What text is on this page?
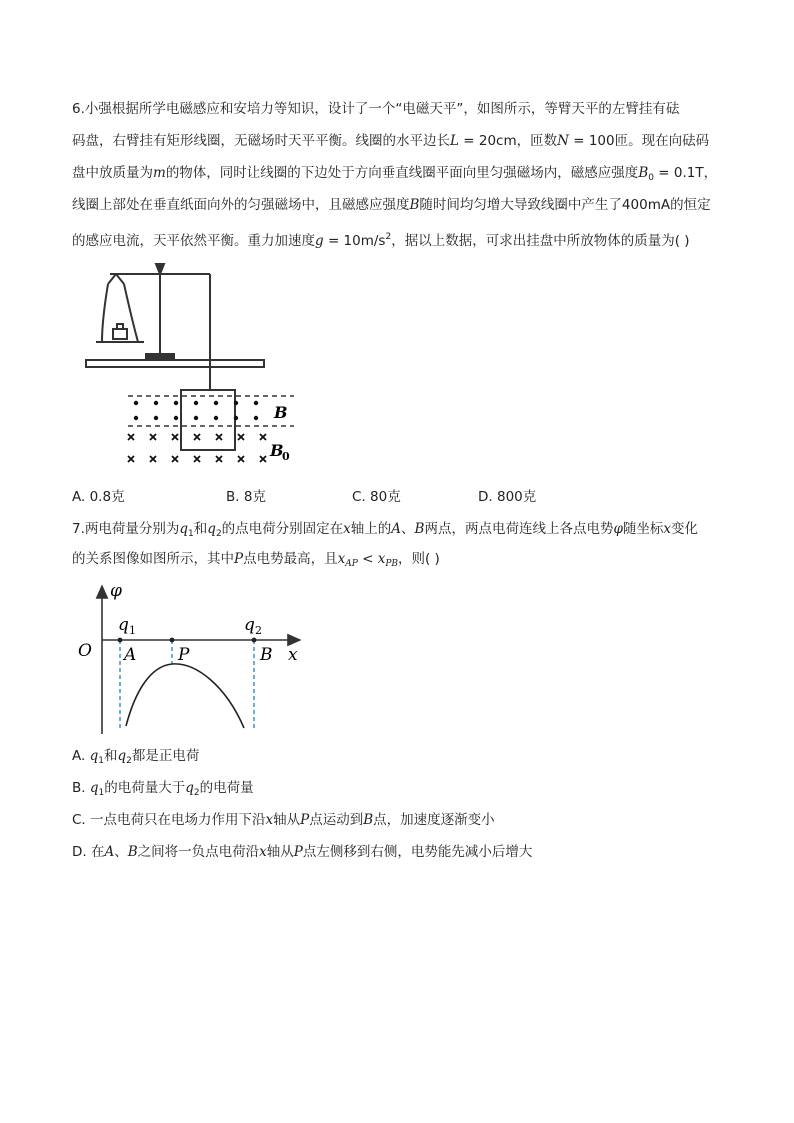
6.小强根据所学电磁感应和安培力等知识，设计了一个“电磁天平”，如图所示，等臂天平的左臂挂有砝
码盘，右臂挂有矩形线圈，无磁场时天平平衡。线圈的水平边长L = 20cm，匝数N = 100匝。现在向砝码
盘中放质量为m的物体，同时让线圈的下边处于方向垂直线圈平面向里匀强磁场内，磁感应强度$B_0 = 0.1T$，
线圈上部处在垂直纸面向外的匀强磁场中，且磁感应强度B随时间均匀增大导致线圈中产生了400mA的恒定
的感应电流，天平依然平衡。重力加速度$g = 10m/s^2$，据以上数据，可求出挂盘中所放物体的质量为( )
B
B
0
A. 0.8克	B. 8克	C. 80克	D. 800克
7.两电荷量分别为$q_1$和$q_2$的点电荷分别固定在x轴上的A、B两点，两点电荷连线上各点电势φ随坐标x变化
的关系图像如图所示，其中P点电势最高，且$x_{AP} < x_{PB}$，则( )
φ
O
q 1	q 2
A P	B x
A. $q_1$和$q_2$都是正电荷
B. $q_1$的电荷量大于$q_2$的电荷量
C. 一点电荷只在电场力作用下沿x轴从P点运动到B点，加速度逐渐变小
D. 在A、B之间将一负点电荷沿x轴从P点左侧移到右侧，电势能先减小后增大
